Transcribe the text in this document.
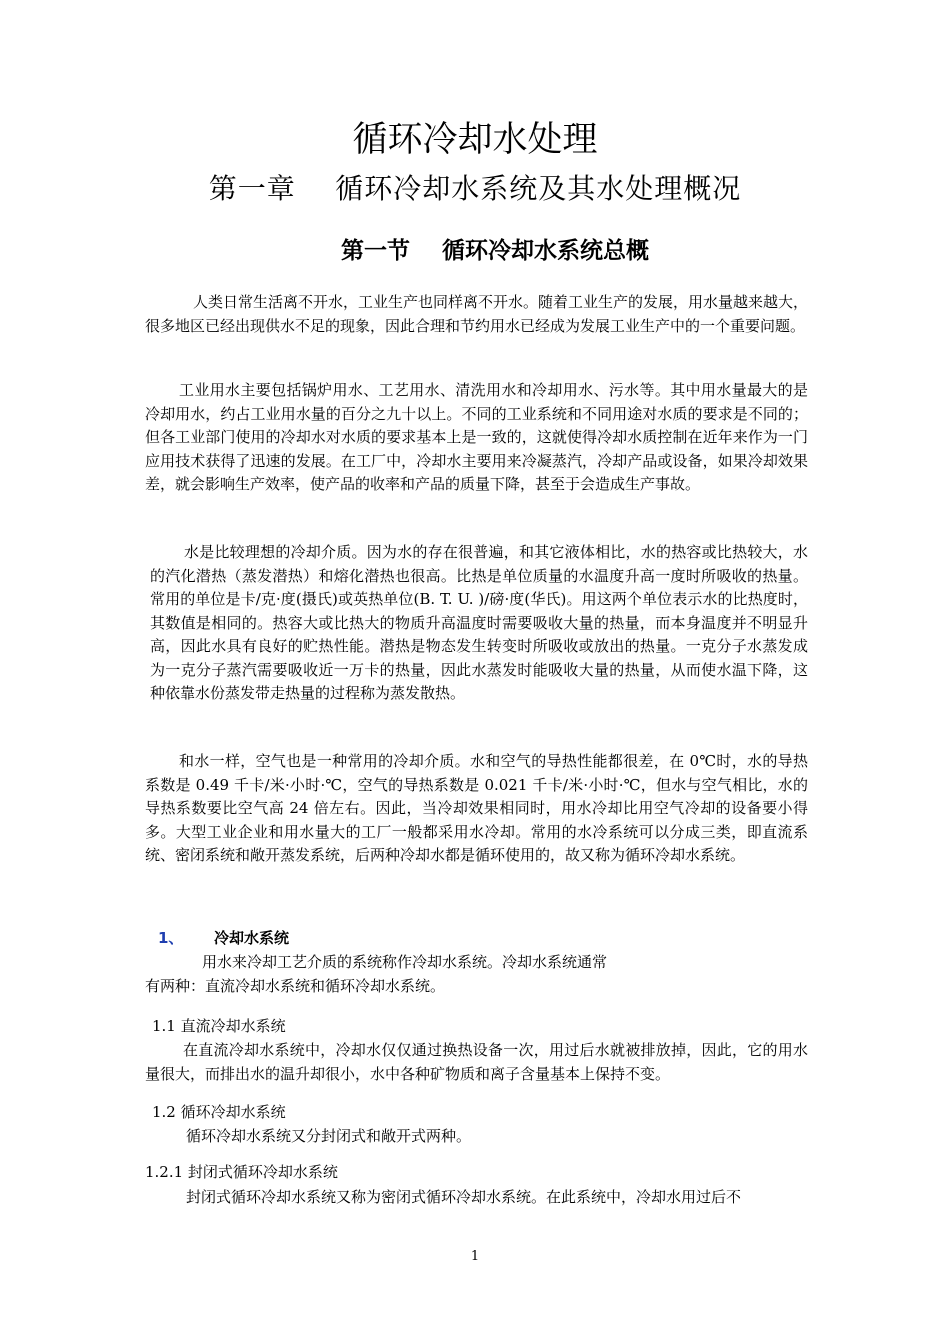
循环冷却水处理
第一章    循环冷却水系统及其水处理概况
第一节    循环冷却水系统总概

人类日常生活离不开水，工业生产也同样离不开水。随着工业生产的发展，用水量越来越大，很多地区已经出现供水不足的现象，因此合理和节约用水已经成为发展工业生产中的一个重要问题。

工业用水主要包括锅炉用水、工艺用水、清洗用水和冷却用水、污水等。其中用水量最大的是冷却用水，约占工业用水量的百分之九十以上。不同的工业系统和不同用途对水质的要求是不同的；但各工业部门使用的冷却水对水质的要求基本上是一致的，这就使得冷却水质控制在近年来作为一门应用技术获得了迅速的发展。在工厂中，冷却水主要用来冷凝蒸汽，冷却产品或设备，如果冷却效果差，就会影响生产效率，使产品的收率和产品的质量下降，甚至于会造成生产事故。

水是比较理想的冷却介质。因为水的存在很普遍，和其它液体相比，水的热容或比热较大，水的汽化潜热（蒸发潜热）和熔化潜热也很高。比热是单位质量的水温度升高一度时所吸收的热量。常用的单位是卡/克·度(摄氏)或英热单位(B. T. U. )/磅·度(华氏)。用这两个单位表示水的比热度时，其数值是相同的。热容大或比热大的物质升高温度时需要吸收大量的热量，而本身温度并不明显升高，因此水具有良好的贮热性能。潜热是物态发生转变时所吸收或放出的热量。一克分子水蒸发成为一克分子蒸汽需要吸收近一万卡的热量，因此水蒸发时能吸收大量的热量，从而使水温下降，这种依靠水份蒸发带走热量的过程称为蒸发散热。

和水一样，空气也是一种常用的冷却介质。水和空气的导热性能都很差，在 0℃时，水的导热系数是 0.49 千卡/米·小时·℃，空气的导热系数是 0.021 千卡/米·小时·℃，但水与空气相比，水的导热系数要比空气高 24 倍左右。因此，当冷却效果相同时，用水冷却比用空气冷却的设备要小得多。大型工业企业和用水量大的工厂一般都采用水冷却。常用的水冷系统可以分成三类，即直流系统、密闭系统和敞开蒸发系统，后两种冷却水都是循环使用的，故又称为循环冷却水系统。

1、 冷却水系统

用水来冷却工艺介质的系统称作冷却水系统。冷却水系统通常

有两种：直流冷却水系统和循环冷却水系统。

1.1 直流冷却水系统

在直流冷却水系统中，冷却水仅仅通过换热设备一次，用过后水就被排放掉，因此，它的用水量很大，而排出水的温升却很小，水中各种矿物质和离子含量基本上保持不变。

1.2 循环冷却水系统

循环冷却水系统又分封闭式和敞开式两种。

1.2.1 封闭式循环冷却水系统

封闭式循环冷却水系统又称为密闭式循环冷却水系统。在此系统中，冷却水用过后不

1
